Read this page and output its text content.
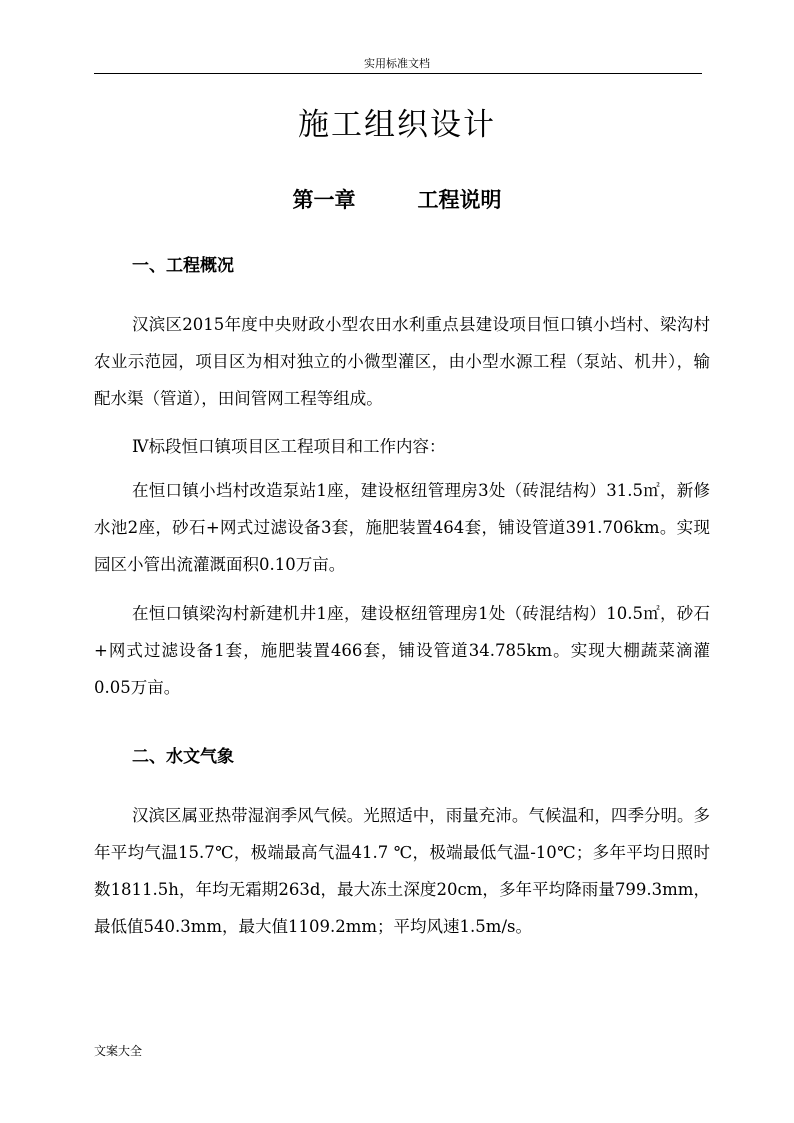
实用标准文档
施工组织设计
第一章	工程说明
一、工程概况

汉滨区2015年度中央财政小型农田水利重点县建设项目恒口镇小垱村、梁沟村农业示范园，项目区为相对独立的小微型灌区，由小型水源工程（泵站、机井），输配水渠（管道），田间管网工程等组成。

Ⅳ标段恒口镇项目区工程项目和工作内容：

在恒口镇小垱村改造泵站1座，建设枢纽管理房3处（砖混结构）31.5㎡，新修水池2座，砂石+网式过滤设备3套，施肥装置464套，铺设管道391.706km。实现园区小管出流灌溉面积0.10万亩。

在恒口镇梁沟村新建机井1座，建设枢纽管理房1处（砖混结构）10.5㎡，砂石+网式过滤设备1套，施肥装置466套，铺设管道34.785km。实现大棚蔬菜滴灌0.05万亩。

二、水文气象

汉滨区属亚热带湿润季风气候。光照适中，雨量充沛。气候温和，四季分明。多年平均气温15.7℃，极端最高气温41.7 ℃，极端最低气温-10℃；多年平均日照时数1811.5h，年均无霜期263d，最大冻土深度20cm，多年平均降雨量799.3mm，最低值540.3mm，最大值1109.2mm；平均风速1.5m/s。

文案大全
